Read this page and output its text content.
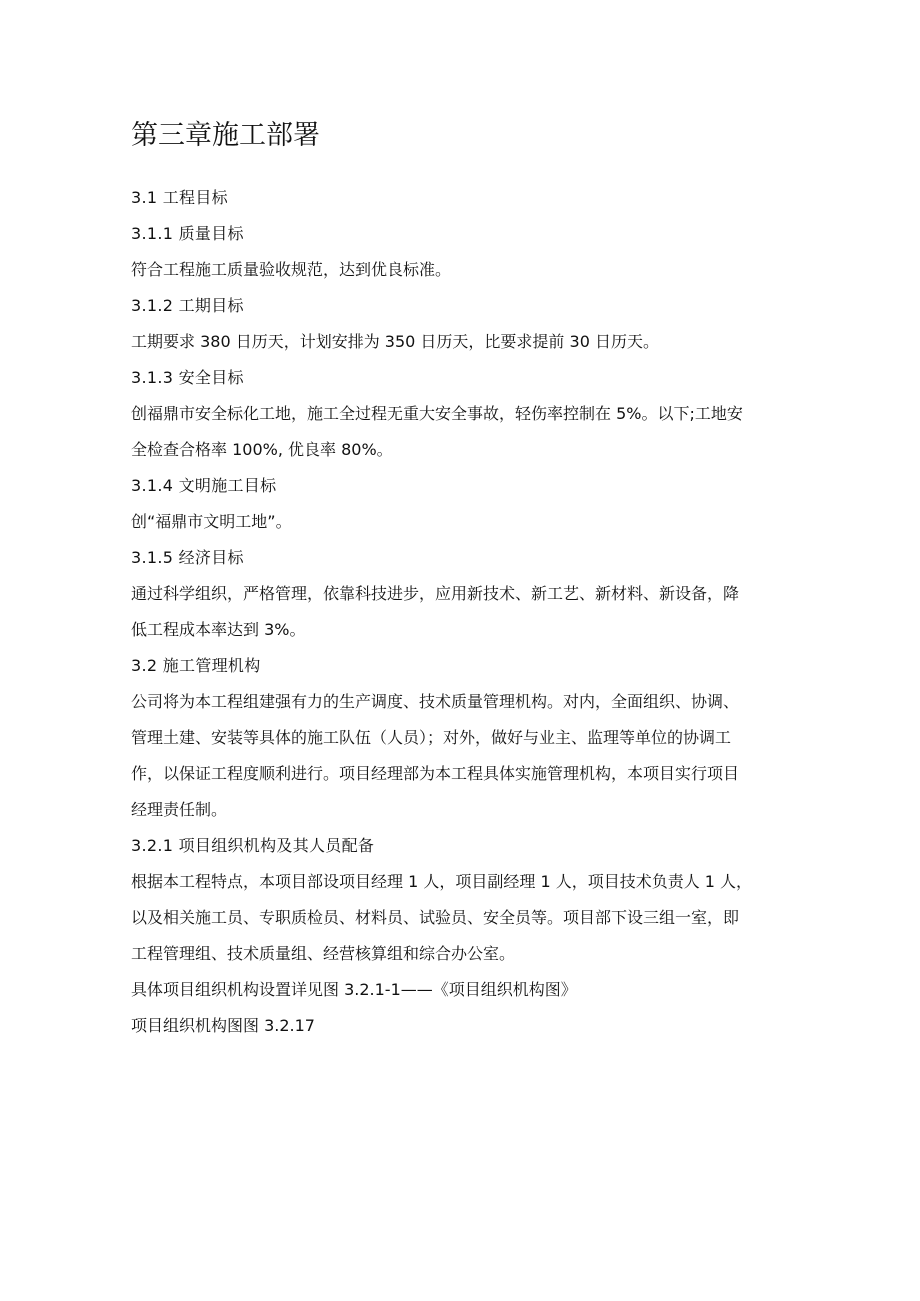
第三章施工部署

3.1 工程目标

3.1.1 质量目标

符合工程施工质量验收规范，达到优良标准。

3.1.2 工期目标

工期要求 380 日历天，计划安排为 350 日历天，比要求提前 30 日历天。

3.1.3 安全目标

创福鼎市安全标化工地，施工全过程无重大安全事故，轻伤率控制在 5%。以下;工地安

全检查合格率 100%, 优良率 80%。

3.1.4 文明施工目标

创“福鼎市文明工地”。

3.1.5 经济目标

通过科学组织，严格管理，依靠科技进步，应用新技术、新工艺、新材料、新设备，降

低工程成本率达到 3%。

3.2 施工管理机构

公司将为本工程组建强有力的生产调度、技术质量管理机构。对内，全面组织、协调、

管理土建、安装等具体的施工队伍（人员）；对外，做好与业主、监理等单位的协调工

作，以保证工程度顺利进行。项目经理部为本工程具体实施管理机构，本项目实行项目

经理责任制。

3.2.1 项目组织机构及其人员配备

根据本工程特点，本项目部设项目经理 1 人，项目副经理 1 人，项目技术负责人 1 人，

以及相关施工员、专职质检员、材料员、试验员、安全员等。项目部下设三组一室，即

工程管理组、技术质量组、经营核算组和综合办公室。

具体项目组织机构设置详见图 3.2.1-1——《项目组织机构图》

项目组织机构图图 3.2.17
